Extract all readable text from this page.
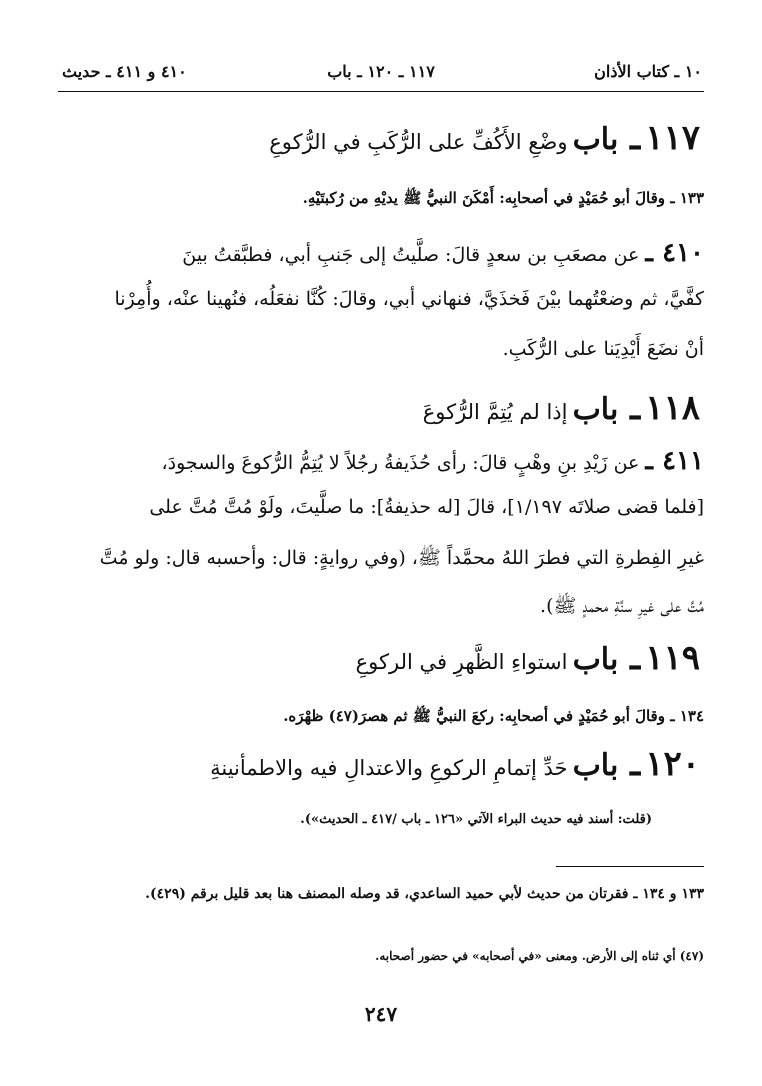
١٠ ـ كتاب الأذان
١١٧ ـ ١٢٠ ـ باب
٤١٠ و ٤١١ ـ حديث
١١٧ ـ باب وضْعِ الأَكُفِّ على الرُّكَبِ في الرُّكوعِ
١٣٣ ـ وقالَ أبو حُمَيْدٍ في أصحابِه: أَمْكَنَ النبيُّ ﷺ يديْهِ من رُكبتَيْهِ.
٤١٠ ـ عن مصعَبِ بن سعدٍ قالَ: صلَّيتُ إلى جَنبِ أبي، فطبَّقتُ بينَ
كفَّيَّ، ثم وضعْتُهما بيْنَ فَخذَيَّ، فنهاني أبي، وقالَ: كُنَّا نفعَلُه، فنُهينا عنْه، وأُمِرْنا
أنْ نضَعَ أَيْدِيَنا على الرُّكَبِ.
١١٨ ـ باب إذا لم يُتِمَّ الرُّكوعَ
٤١١ ـ عن زَيْدِ بنِ وهْبٍ قالَ: رأى حُذَيفةُ رجُلاً لا يُتِمُّ الرُّكوعَ والسجودَ،
[فلما قضى صلاتَه ١/١٩٧]، قالَ [له حذيفةُ]: ما صلَّيتَ، ولَوْ مُتَّ مُتَّ على
غيرِ الفِطرةِ التي فطرَ اللهُ محمَّداً ﷺ، (وفي روايةٍ: قال: وأحسبه قال: ولو مُتَّ
مُتَّ على غيرِ سنَّةِ محمدٍ ﷺ).
١١٩ ـ باب استواءِ الظَّهرِ في الركوعِ
١٣٤ ـ وقالَ أبو حُمَيْدٍ في أصحابِه: ركعَ النبيُّ ﷺ ثم هصرَ(٤٧) ظهْرَه.
١٢٠ ـ باب حَدِّ إتمامِ الركوعِ والاعتدالِ فيه والاطمأنينةِ
(قلت: أسند فيه حديث البراء الآتي «١٢٦ ـ باب /٤١٧ ـ الحديث»).
١٣٣ و ١٣٤ ـ فقرتان من حديث لأبي حميد الساعدي، قد وصله المصنف هنا بعد قليل برقم (٤٢٩).
(٤٧) أي ثناه إلى الأرض. ومعنى «في أصحابه» في حضور أصحابه.
٢٤٧
